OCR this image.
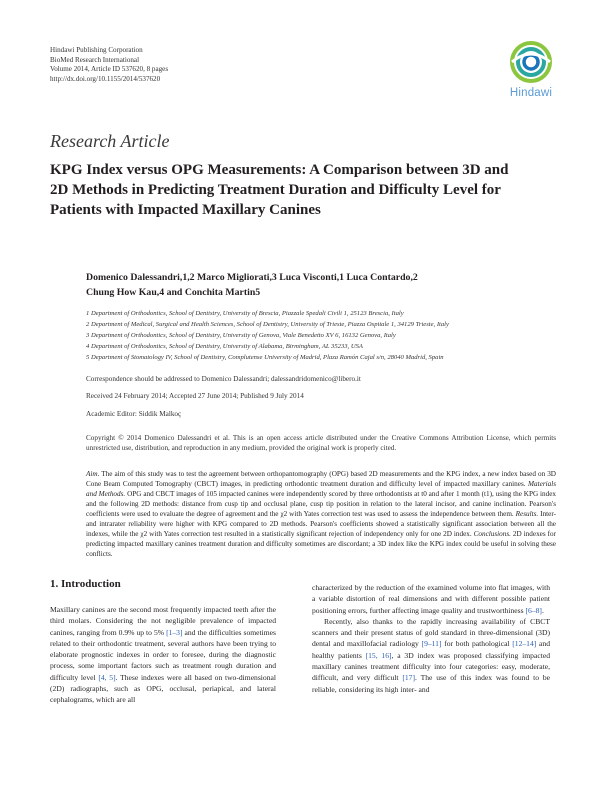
Hindawi Publishing Corporation
BioMed Research International
Volume 2014, Article ID 537620, 8 pages
http://dx.doi.org/10.1155/2014/537620
Hindawi
Research Article
KPG Index versus OPG Measurements: A Comparison between 3D and 2D Methods in Predicting Treatment Duration and Difficulty Level for Patients with Impacted Maxillary Canines
Domenico Dalessandri,1,2 Marco Migliorati,3 Luca Visconti,1 Luca Contardo,2
Chung How Kau,4 and Conchita Martin5
1 Department of Orthodontics, School of Dentistry, University of Brescia, Piazzale Spedali Civili 1, 25123 Brescia, Italy
2 Department of Medical, Surgical and Health Sciences, School of Dentistry, University of Trieste, Piazza Ospitale 1, 34129 Trieste, Italy
3 Department of Orthodontics, School of Dentistry, University of Genova, Viale Benedetto XV 6, 16132 Genova, Italy
4 Department of Orthodontics, School of Dentistry, University of Alabama, Birmingham, AL 35233, USA
5 Department of Stomatology IV, School of Dentistry, Complutense University of Madrid, Plaza Ramón Cajal s/n, 28040 Madrid, Spain
Correspondence should be addressed to Domenico Dalessandri; dalessandridomenico@libero.it
Received 24 February 2014; Accepted 27 June 2014; Published 9 July 2014
Academic Editor: Siddik Malkoç
Copyright © 2014 Domenico Dalessandri et al. This is an open access article distributed under the Creative Commons Attribution License, which permits unrestricted use, distribution, and reproduction in any medium, provided the original work is properly cited.
Aim. The aim of this study was to test the agreement between orthopantomography (OPG) based 2D measurements and the KPG index, a new index based on 3D Cone Beam Computed Tomography (CBCT) images, in predicting orthodontic treatment duration and difficulty level of impacted maxillary canines. Materials and Methods. OPG and CBCT images of 105 impacted canines were independently scored by three orthodontists at t0 and after 1 month (t1), using the KPG index and the following 2D methods: distance from cusp tip and occlusal plane, cusp tip position in relation to the lateral incisor, and canine inclination. Pearson's coefficients were used to evaluate the degree of agreement and the χ2 with Yates correction test was used to assess the independence between them. Results. Inter- and intrarater reliability were higher with KPG compared to 2D methods. Pearson's coefficients showed a statistically significant association between all the indexes, while the χ2 with Yates correction test resulted in a statistically significant rejection of independency only for one 2D index. Conclusions. 2D indexes for predicting impacted maxillary canines treatment duration and difficulty sometimes are discordant; a 3D index like the KPG index could be useful in solving these conflicts.
1. Introduction

Maxillary canines are the second most frequently impacted teeth after the third molars. Considering the not negligible prevalence of impacted canines, ranging from 0.9% up to 5% [1–3] and the difficulties sometimes related to their orthodontic treatment, several authors have been trying to elaborate prognostic indexes in order to foresee, during the diagnostic process, some important factors such as treatment rough duration and difficulty level [4, 5]. These indexes were all based on two-dimensional (2D) radiographs, such as OPG, occlusal, periapical, and lateral cephalograms, which are all

characterized by the reduction of the examined volume into flat images, with a variable distortion of real dimensions and with different possible patient positioning errors, further affecting image quality and trustworthiness [6–8].

Recently, also thanks to the rapidly increasing availability of CBCT scanners and their present status of gold standard in three-dimensional (3D) dental and maxillofacial radiology [9–11] for both pathological [12–14] and healthy patients [15, 16], a 3D index was proposed classifying impacted maxillary canines treatment difficulty into four categories: easy, moderate, difficult, and very difficult [17]. The use of this index was found to be reliable, considering its high inter- and
